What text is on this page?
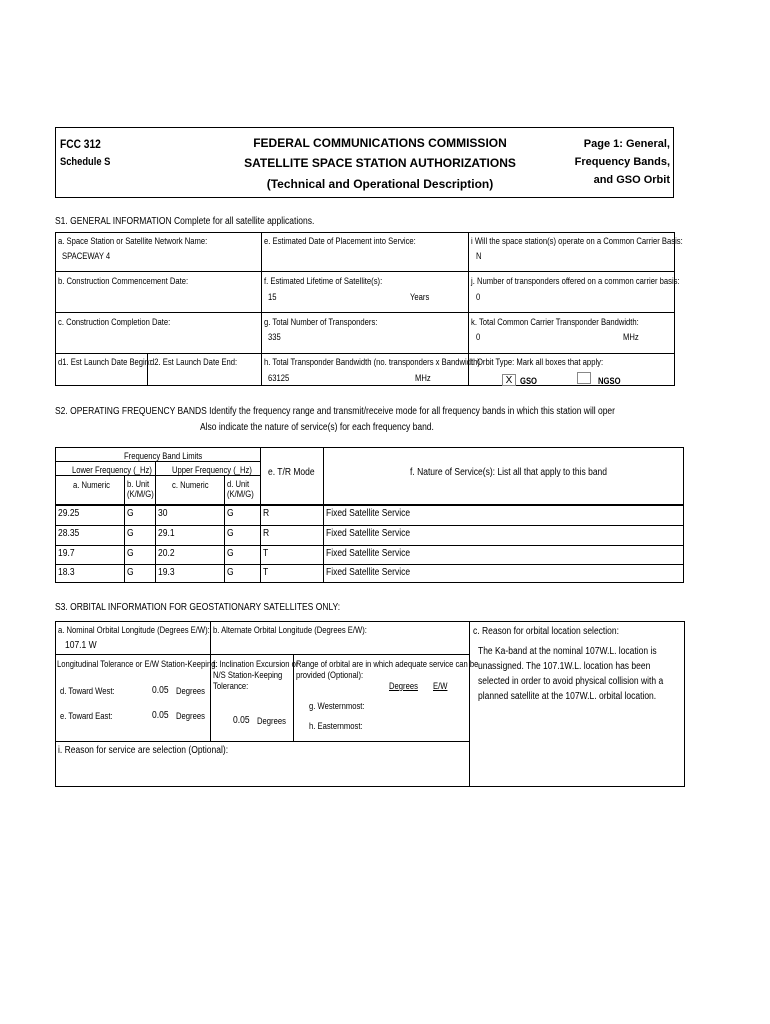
FCC 312
Schedule S
FEDERAL COMMUNICATIONS COMMISSION
SATELLITE SPACE STATION AUTHORIZATIONS
(Technical and Operational Description)
Page 1: General,
Frequency Bands,
and GSO Orbit
S1. GENERAL INFORMATION Complete for all satellite applications.
a. Space Station or Satellite Network Name:
SPACEWAY 4
b. Construction Commencement Date:
c. Construction Completion Date:
d1. Est Launch Date Begin:
d2. Est Launch Date End:
e. Estimated Date of Placement into Service:
f. Estimated Lifetime of Satellite(s):
15	Years
g. Total Number of Transponders:
335
h. Total Transponder Bandwidth (no. transponders x Bandwidth)
63125	MHz
i Will the space station(s) operate on a Common Carrier Basis:
N
j. Number of transponders offered on a common carrier basis:
0
k. Total Common Carrier Transponder Bandwidth:
0	MHz
l. Orbit Type: Mark all boxes that apply:
X GSO	NGSO
S2. OPERATING FREQUENCY BANDS Identify the frequency range and transmit/receive mode for all frequency bands in which this station will oper
Also indicate the nature of service(s) for each frequency band.
Frequency Band Limits
Lower Frequency (_Hz) Upper Frequency (_Hz)
a. Numeric b. Unit
(K/M/G)
c. Numeric d. Unit
(K/M/G)
e. T/R Mode	f. Nature of Service(s): List all that apply to this band
29.25	G 30	G	R	Fixed Satellite Service
28.35	G 29.1	G	R	Fixed Satellite Service
19.7	G 20.2	G	T	Fixed Satellite Service
18.3	G 19.3	G	T	Fixed Satellite Service
S3. ORBITAL INFORMATION FOR GEOSTATIONARY SATELLITES ONLY:
a. Nominal Orbital Longitude (Degrees E/W):
107.1 W
b. Alternate Orbital Longitude (Degrees E/W):	c. Reason for orbital location selection:
The Ka-band at the nominal 107W.L. location is
unassigned. The 107.1W.L. location has been
selected in order to avoid physical collision with a
planned satellite at the 107W.L. orbital location.
Longitudinal Tolerance or E/W Station-Keeping:
d. Toward West:	0.05 Degrees
e. Toward East:	0.05 Degrees
f. Inclination Excursion or
N/S Station-Keeping
Tolerance:
0.05 Degrees
Range of orbital are in which adequate service can be
provided (Optional):
Degrees E/W
g. Westernmost:
h. Easternmost:
i. Reason for service are selection (Optional):
